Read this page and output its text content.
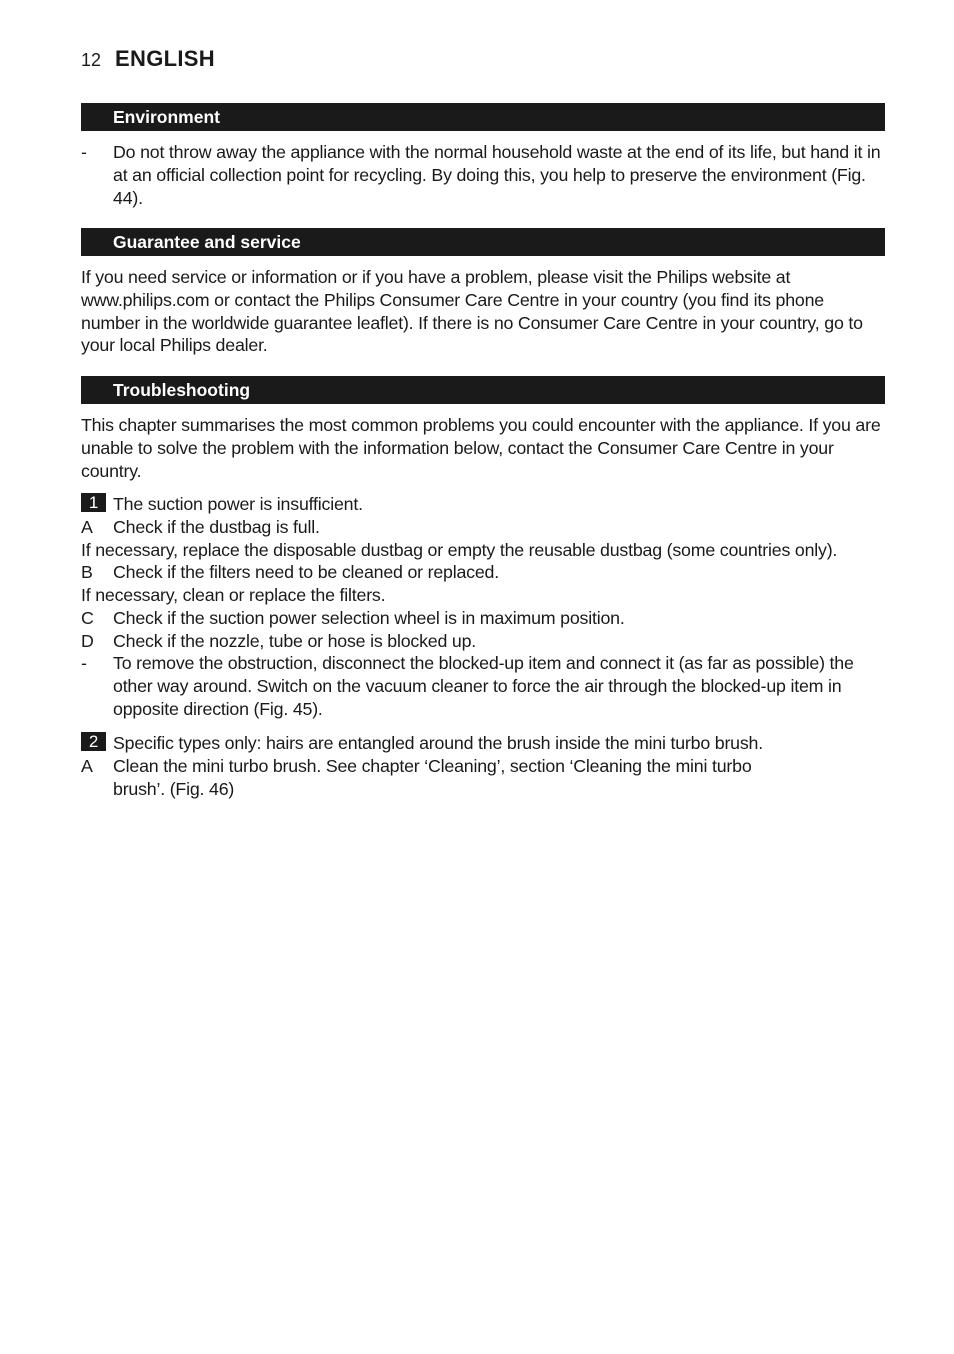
12 ENGLISH
Environment
-	Do not throw away the appliance with the normal household waste at the end of its life, but hand it in at an official collection point for recycling. By doing this, you help to preserve the environment (Fig. 44).
Guarantee and service
If you need service or information or if you have a problem, please visit the Philips website at www.philips.com or contact the Philips Consumer Care Centre in your country (you find its phone number in the worldwide guarantee leaflet). If there is no Consumer Care Centre in your country, go to your local Philips dealer.
Troubleshooting
This chapter summarises the most common problems you could encounter with the appliance. If you are unable to solve the problem with the information below, contact the Consumer Care Centre in your country.
1 The suction power is insufficient.
A	Check if the dustbag is full.
If necessary, replace the disposable dustbag or empty the reusable dustbag (some countries only).
B	Check if the filters need to be cleaned or replaced.
If necessary, clean or replace the filters.
C	Check if the suction power selection wheel is in maximum position.
D	Check if the nozzle, tube or hose is blocked up.
-	To remove the obstruction, disconnect the blocked-up item and connect it (as far as possible) the other way around. Switch on the vacuum cleaner to force the air through the blocked-up item in opposite direction (Fig. 45).
2 Specific types only: hairs are entangled around the brush inside the mini turbo brush.
A	Clean the mini turbo brush. See chapter ‘Cleaning’, section ‘Cleaning the mini turbo brush’. (Fig. 46)
